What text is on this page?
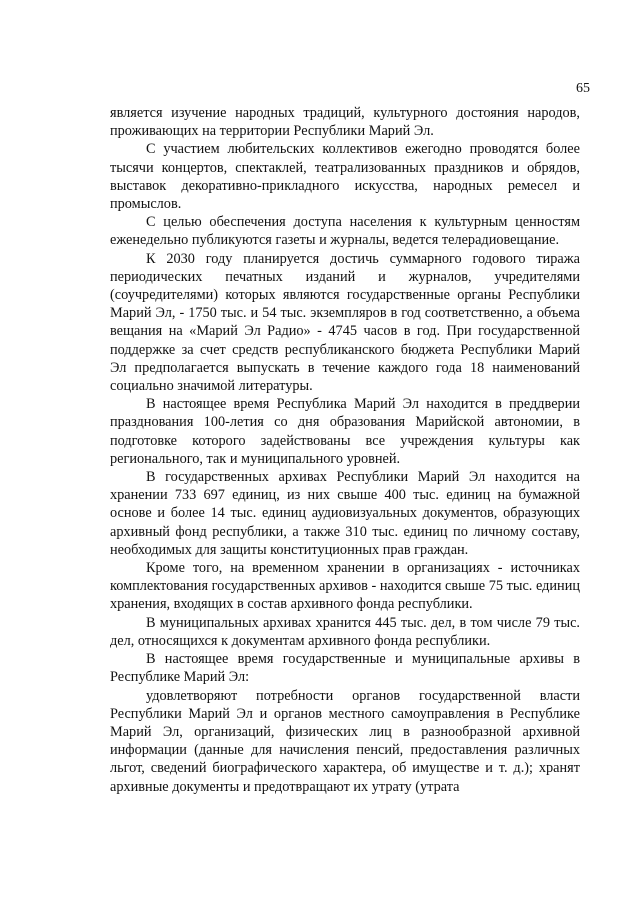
65

является изучение народных традиций, культурного достояния народов, проживающих на территории Республики Марий Эл.

С участием любительских коллективов ежегодно проводятся более тысячи концертов, спектаклей, театрализованных праздников и обрядов, выставок декоративно-прикладного искусства, народных ремесел и промыслов.

С целью обеспечения доступа населения к культурным ценностям еженедельно публикуются газеты и журналы, ведется телерадиовещание.

К 2030 году планируется достичь суммарного годового тиража периодических печатных изданий и журналов, учредителями (соучредителями) которых являются государственные органы Республики Марий Эл, - 1750 тыс. и 54 тыс. экземпляров в год соответственно, а объема вещания на «Марий Эл Радио» - 4745 часов в год. При государственной поддержке за счет средств республиканского бюджета Республики Марий Эл предполагается выпускать в течение каждого года 18 наименований социально значимой литературы.

В настоящее время Республика Марий Эл находится в преддверии празднования 100-летия со дня образования Марийской автономии, в подготовке которого задействованы все учреждения культуры как регионального, так и муниципального уровней.

В государственных архивах Республики Марий Эл находится на хранении 733 697 единиц, из них свыше 400 тыс. единиц на бумажной основе и более 14 тыс. единиц аудиовизуальных документов, образующих архивный фонд республики, а также 310 тыс. единиц по личному составу, необходимых для защиты конституционных прав граждан.

Кроме того, на временном хранении в организациях - источниках комплектования государственных архивов - находится свыше 75 тыс. единиц хранения, входящих в состав архивного фонда республики.

В муниципальных архивах хранится 445 тыс. дел, в том числе 79 тыс. дел, относящихся к документам архивного фонда республики.

В настоящее время государственные и муниципальные архивы в Республике Марий Эл:

удовлетворяют потребности органов государственной власти Республики Марий Эл и органов местного самоуправления в Республике Марий Эл, организаций, физических лиц в разнообразной архивной информации (данные для начисления пенсий, предоставления различных льгот, сведений биографического характера, об имуществе и т. д.); хранят архивные документы и предотвращают их утрату (утрата
